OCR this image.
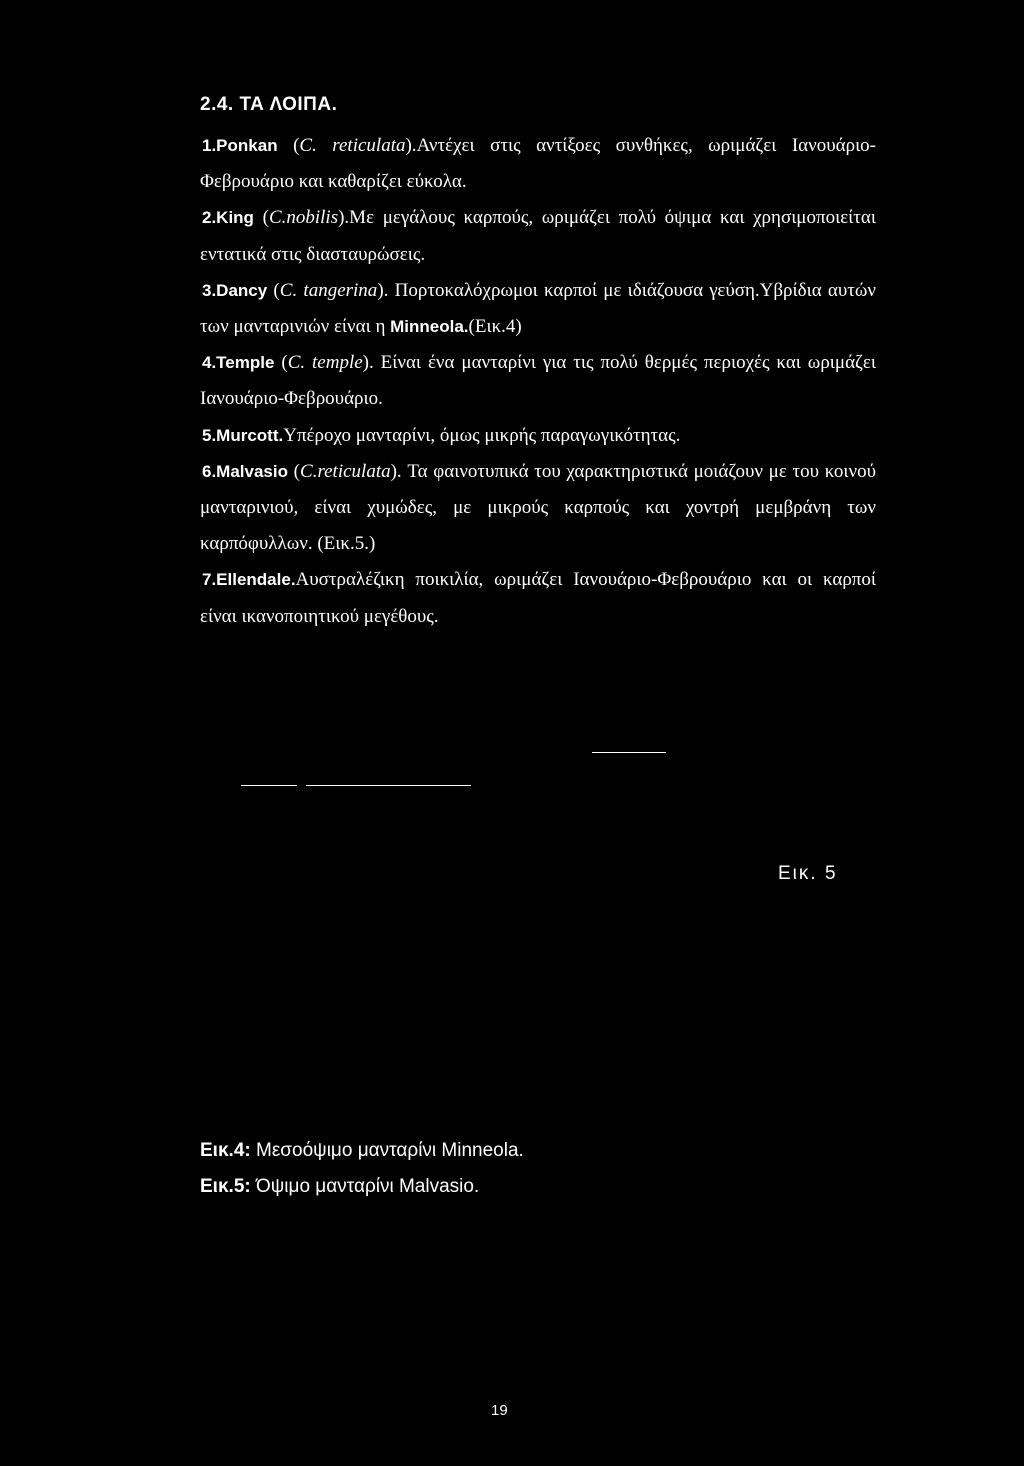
2.4. ΤΑ ΛΟΙΠΑ.

1.Ponkan (C. reticulata).Αντέχει στις αντίξοες συνθήκες, ωριμάζει Ιανουάριο- Φεβρουάριο και καθαρίζει εύκολα.

2.King (C.nobilis).Με μεγάλους καρπούς, ωριμάζει πολύ όψιμα και χρησιμοποιείται εντατικά στις διασταυρώσεις.

3.Dancy (C. tangerina). Πορτοκαλόχρωμοι καρποί με ιδιάζουσα γεύση.Υβρίδια αυτών των μανταρινιών είναι η Minneola.(Εικ.4)

4.Temple (C. temple). Είναι ένα μανταρίνι για τις πολύ θερμές περιοχές και ωριμάζει Ιανουάριο-Φεβρουάριο.

5.Murcott.Υπέροχο μανταρίνι, όμως μικρής παραγωγικότητας.

6.Malvasio (C.reticulata). Τα φαινοτυπικά του χαρακτηριστικά μοιάζουν με του κοινού μανταρινιού, είναι χυμώδες, με μικρούς καρπούς και χοντρή μεμβράνη των καρπόφυλλων. (Εικ.5.)

7.Ellendale.Αυστραλέζικη ποικιλία, ωριμάζει Ιανουάριο-Φεβρουάριο και οι καρποί είναι ικανοποιητικού μεγέθους.

Εικ. 5
Εικ.4: Μεσοόψιμο μανταρίνι Minneola.
Εικ.5: Όψιμο μανταρίνι Malvasio.
19
